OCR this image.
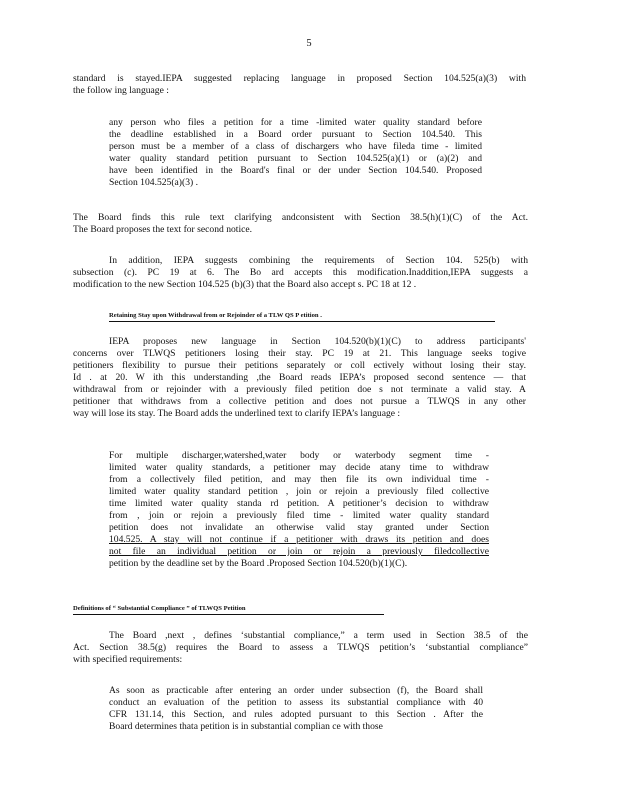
5
standard is stayed.IEPA suggested replacing language in proposed Section 104.525(a)(3) with
the follow ing language :
any person who files a petition for a time -limited water quality standard before
the deadline established in a Board order pursuant to Section 104.540. This
person must be a member of a class of dischargers who have fileda time - limited
water quality standard petition pursuant to Section 104.525(a)(1) or (a)(2) and
have been identified in the Board's final or der under Section 104.540. Proposed
Section 104.525(a)(3) .
The Board finds this rule text clarifying andconsistent with Section 38.5(h)(1)(C) of the Act.
The Board proposes the text for second notice.
In addition, IEPA suggests combining the requirements of Section 104. 525(b) with
subsection (c). PC 19 at 6. The Bo ard accepts this modification.Inaddition,IEPA suggests a
modification to the new Section 104.525 (b)(3) that the Board also accept s. PC 18 at 12 .
Retaining Stay upon Withdrawal from or Rejoinder of a TLW QS P etition .
IEPA proposes new language in Section 104.520(b)(1)(C) to address participants'
concerns over TLWQS petitioners losing their stay. PC 19 at 21. This language seeks togive
petitioners flexibility to pursue their petitions separately or coll ectively without losing their stay.
Id . at 20. W ith this understanding ,the Board reads IEPA’s proposed second sentence — that
withdrawal from or rejoinder with a previously filed petition doe s not terminate a valid stay. A
petitioner that withdraws from a collective petition and does not pursue a TLWQS in any other
way will lose its stay. The Board adds the underlined text to clarify IEPA’s language :
For multiple discharger,watershed,water body or waterbody segment time -
limited water quality standards, a petitioner may decide atany time to withdraw
from a collectively filed petition, and may then file its own individual time -
limited water quality standard petition , join or rejoin a previously filed collective
time limited water quality standa rd petition. A petitioner’s decision to withdraw
from , join or rejoin a previously filed time - limited water quality standard
petition does not invalidate an otherwise valid stay granted under Section
104.525. A stay will not continue if a petitioner with draws its petition and does
not file an individual petition or join or rejoin a previously filedcollective
petition by the deadline set by the Board .Proposed Section 104.520(b)(1)(C).
Definitions of “ Substantial Compliance ” of TLWQS Petition
The Board ,next , defines ‘substantial compliance,” a term used in Section 38.5 of the
Act. Section 38.5(g) requires the Board to assess a TLWQS petition’s ‘substantial compliance”
with specified requirements:
As soon as practicable after entering an order under subsection (f), the Board shall
conduct an evaluation of the petition to assess its substantial compliance with 40
CFR 131.14, this Section, and rules adopted pursuant to this Section . After the
Board determines thata petition is in substantial complian ce with those
